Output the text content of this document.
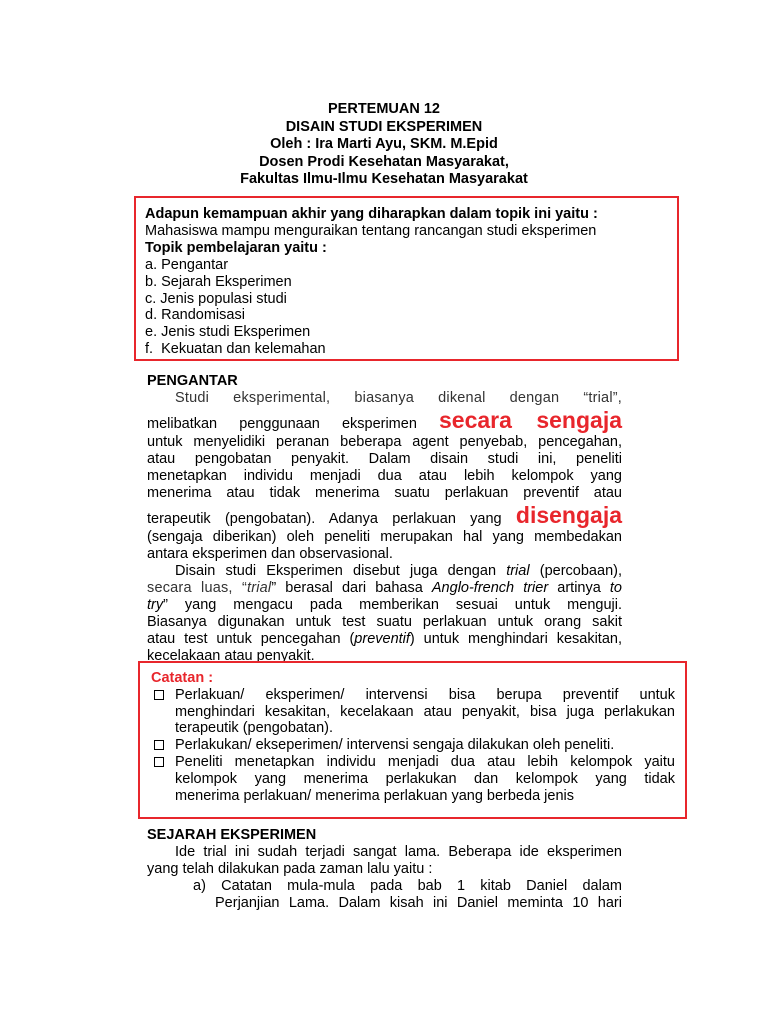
PERTEMUAN 12
DISAIN STUDI EKSPERIMEN
Oleh : Ira Marti Ayu, SKM. M.Epid
Dosen Prodi Kesehatan Masyarakat,
Fakultas Ilmu-Ilmu Kesehatan Masyarakat
Adapun kemampuan akhir yang diharapkan dalam topik ini yaitu :
Mahasiswa mampu menguraikan tentang rancangan studi eksperimen
Topik pembelajaran yaitu :
a. Pengantar
b. Sejarah Eksperimen
c. Jenis populasi studi
d. Randomisasi
e. Jenis studi Eksperimen
f.  Kekuatan dan kelemahan
PENGANTAR
Studi eksperimental, biasanya dikenal dengan “trial”,
melibatkan penggunaan eksperimen secara sengaja
untuk menyelidiki peranan beberapa agent penyebab, pencegahan,
atau pengobatan penyakit. Dalam disain studi ini, peneliti
menetapkan individu menjadi dua atau lebih kelompok yang
menerima atau tidak menerima suatu perlakuan preventif atau
terapeutik (pengobatan). Adanya perlakuan yang disengaja
(sengaja diberikan) oleh peneliti merupakan hal yang membedakan
antara eksperimen dan observasional.
Disain studi Eksperimen disebut juga dengan trial (percobaan),
secara luas, “trial” berasal dari bahasa Anglo-french trier artinya to
try” yang mengacu pada memberikan sesuai untuk menguji.
Biasanya digunakan untuk test suatu perlakuan untuk orang sakit
atau test untuk pencegahan (preventif) untuk menghindari kesakitan,
kecelakaan atau penyakit.
Catatan :
Perlakuan/ eksperimen/ intervensi bisa berupa preventif untuk
menghindari kesakitan, kecelakaan atau penyakit, bisa juga perlakukan
terapeutik (pengobatan).
Perlakukan/ ekseperimen/ intervensi sengaja dilakukan oleh peneliti.
Peneliti menetapkan individu menjadi dua atau lebih kelompok yaitu
kelompok yang menerima perlakukan dan kelompok yang tidak
menerima perlakuan/ menerima perlakuan yang berbeda jenis
SEJARAH EKSPERIMEN
Ide trial ini sudah terjadi sangat lama. Beberapa ide eksperimen
yang telah dilakukan pada zaman lalu yaitu :
a) Catatan mula-mula pada bab 1 kitab Daniel dalam
Perjanjian Lama. Dalam kisah ini Daniel meminta 10 hari
